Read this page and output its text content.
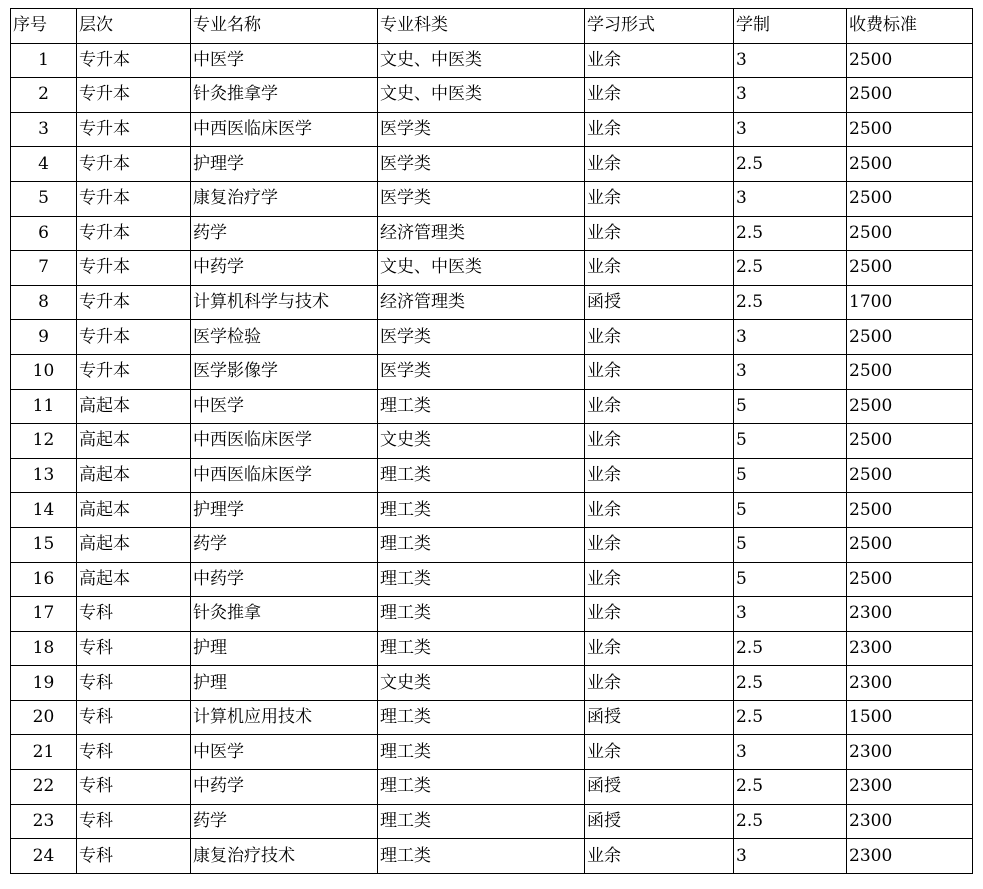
序号	层次	专业名称	专业科类	学习形式	学制	收费标准
1	专升本	中医学	文史、中医类	业余	3	2500
2	专升本	针灸推拿学	文史、中医类	业余	3	2500
3	专升本	中西医临床医学	医学类	业余	3	2500
4	专升本	护理学	医学类	业余	2.5	2500
5	专升本	康复治疗学	医学类	业余	3	2500
6	专升本	药学	经济管理类	业余	2.5	2500
7	专升本	中药学	文史、中医类	业余	2.5	2500
8	专升本	计算机科学与技术	经济管理类	函授	2.5	1700
9	专升本	医学检验	医学类	业余	3	2500
10	专升本	医学影像学	医学类	业余	3	2500
11	高起本	中医学	理工类	业余	5	2500
12	高起本	中西医临床医学	文史类	业余	5	2500
13	高起本	中西医临床医学	理工类	业余	5	2500
14	高起本	护理学	理工类	业余	5	2500
15	高起本	药学	理工类	业余	5	2500
16	高起本	中药学	理工类	业余	5	2500
17	专科	针灸推拿	理工类	业余	3	2300
18	专科	护理	理工类	业余	2.5	2300
19	专科	护理	文史类	业余	2.5	2300
20	专科	计算机应用技术	理工类	函授	2.5	1500
21	专科	中医学	理工类	业余	3	2300
22	专科	中药学	理工类	函授	2.5	2300
23	专科	药学	理工类	函授	2.5	2300
24	专科	康复治疗技术	理工类	业余	3	2300
